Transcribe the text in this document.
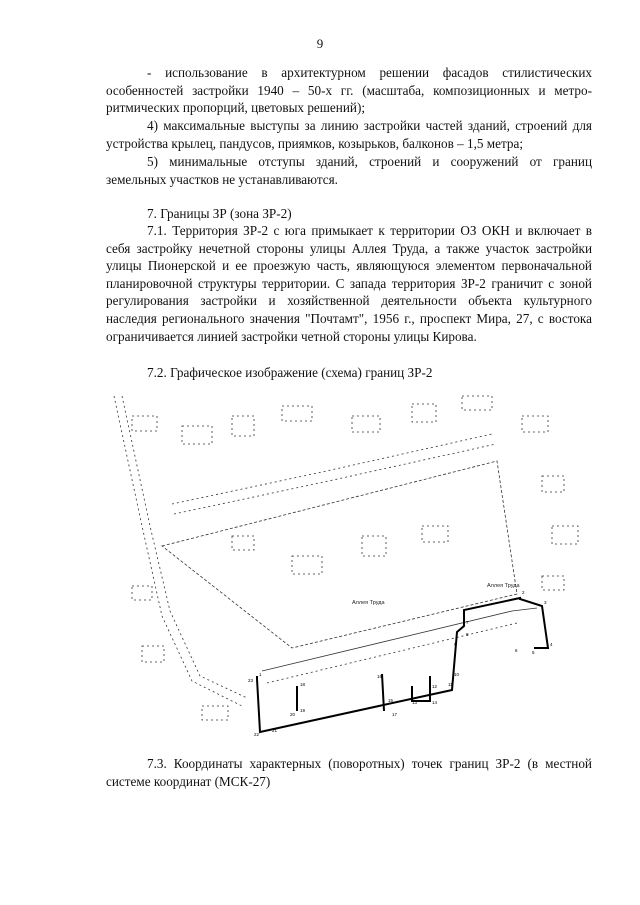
9

- использование в архитектурном решении фасадов стилистических особенностей застройки 1940 – 50-х гг. (масштаба, композиционных и метро-ритмических пропорций, цветовых решений);

4) максимальные выступы за линию застройки частей зданий, строений для устройства крылец, пандусов, приямков, козырьков, балконов – 1,5 метра;

5) минимальные отступы зданий, строений и сооружений от границ земельных участков не устанавливаются.

7. Границы ЗР (зона ЗР-2)

7.1. Территория ЗР-2 с юга примыкает к территории ОЗ ОКН и включает в себя застройку нечетной стороны улицы Аллея Труда, а также участок застройки улицы Пионерской и ее проезжую часть, являющуюся элементом первоначальной планировочной структуры территории. С запада территория ЗР-2 граничит с зоной регулирования застройки и хозяйственной деятельности объекта культурного наследия регионального значения "Почтамт", 1956 г., проспект Мира, 27, с востока ограничивается линией застройки четной стороны улицы Кирова.

7.2. Графическое изображение (схема) границ ЗР-2

Аллея Труда
Аллея Труда
1
2
3
4
5
6
7
8
9
10
11
12
13	14
15
16
17
18
19
20
21
22
23

7.3. Координаты характерных (поворотных) точек границ ЗР-2 (в местной системе координат (МСК-27)
